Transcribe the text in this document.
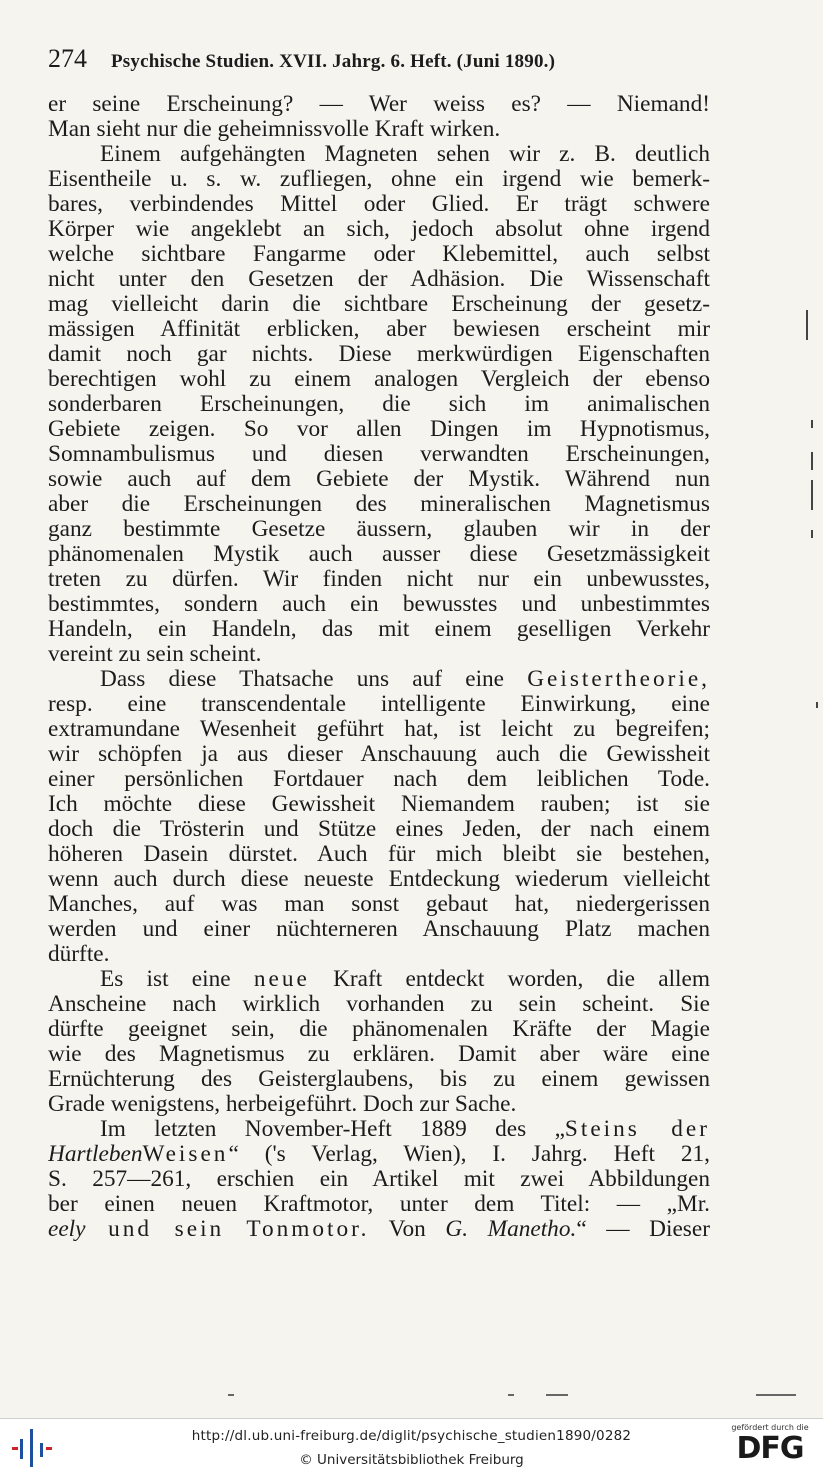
274 Psychische Studien. XVII. Jahrg. 6. Heft. (Juni 1890.)
er seine Erscheinung? — Wer weiss es? — Niemand!
Man sieht nur die geheimnissvolle Kraft wirken.
Einem aufgehängten Magneten sehen wir z. B. deutlich
Eisentheile u. s. w. zufliegen, ohne ein irgend wie bemerk-
bares, verbindendes Mittel oder Glied. Er trägt schwere
Körper wie angeklebt an sich, jedoch absolut ohne irgend
welche sichtbare Fangarme oder Klebemittel, auch selbst
nicht unter den Gesetzen der Adhäsion. Die Wissenschaft
mag vielleicht darin die sichtbare Erscheinung der gesetz-
mässigen Affinität erblicken, aber bewiesen erscheint mir
damit noch gar nichts. Diese merkwürdigen Eigenschaften
berechtigen wohl zu einem analogen Vergleich der ebenso
sonderbaren Erscheinungen, die sich im animalischen
Gebiete zeigen. So vor allen Dingen im Hypnotismus,
Somnambulismus und diesen verwandten Erscheinungen,
sowie auch auf dem Gebiete der Mystik. Während nun
aber die Erscheinungen des mineralischen Magnetismus
ganz bestimmte Gesetze äussern, glauben wir in der
phänomenalen Mystik auch ausser diese Gesetzmässigkeit
treten zu dürfen. Wir finden nicht nur ein unbewusstes,
bestimmtes, sondern auch ein bewusstes und unbestimmtes
Handeln, ein Handeln, das mit einem geselligen Verkehr
vereint zu sein scheint.
Dass diese Thatsache uns auf eine Geistertheorie,
resp. eine transcendentale intelligente Einwirkung, eine
extramundane Wesenheit geführt hat, ist leicht zu begreifen;
wir schöpfen ja aus dieser Anschauung auch die Gewissheit
einer persönlichen Fortdauer nach dem leiblichen Tode.
Ich möchte diese Gewissheit Niemandem rauben; ist sie
doch die Trösterin und Stütze eines Jeden, der nach einem
höheren Dasein dürstet. Auch für mich bleibt sie bestehen,
wenn auch durch diese neueste Entdeckung wiederum vielleicht
Manches, auf was man sonst gebaut hat, niedergerissen
werden und einer nüchterneren Anschauung Platz machen
dürfte.
Es ist eine neue Kraft entdeckt worden, die allem
Anscheine nach wirklich vorhanden zu sein scheint. Sie
dürfte geeignet sein, die phänomenalen Kräfte der Magie
wie des Magnetismus zu erklären. Damit aber wäre eine
Ernüchterung des Geisterglaubens, bis zu einem gewissen
Grade wenigstens, herbeigeführt. Doch zur Sache.
Im letzten November-Heft 1889 des „Steins der
HartlebenWeisen“ ('s Verlag, Wien), I. Jahrg. Heft 21,
S. 257—261, erschien ein Artikel mit zwei Abbildungen
ber einen neuen Kraftmotor, unter dem Titel: — „Mr.
eely und sein Tonmotor. Von G. Manetho.“ — Dieser
http://dl.ub.uni-freiburg.de/diglit/psychische_studien1890/0282
© Universitätsbibliothek Freiburg
gefördert durch die
DFG
